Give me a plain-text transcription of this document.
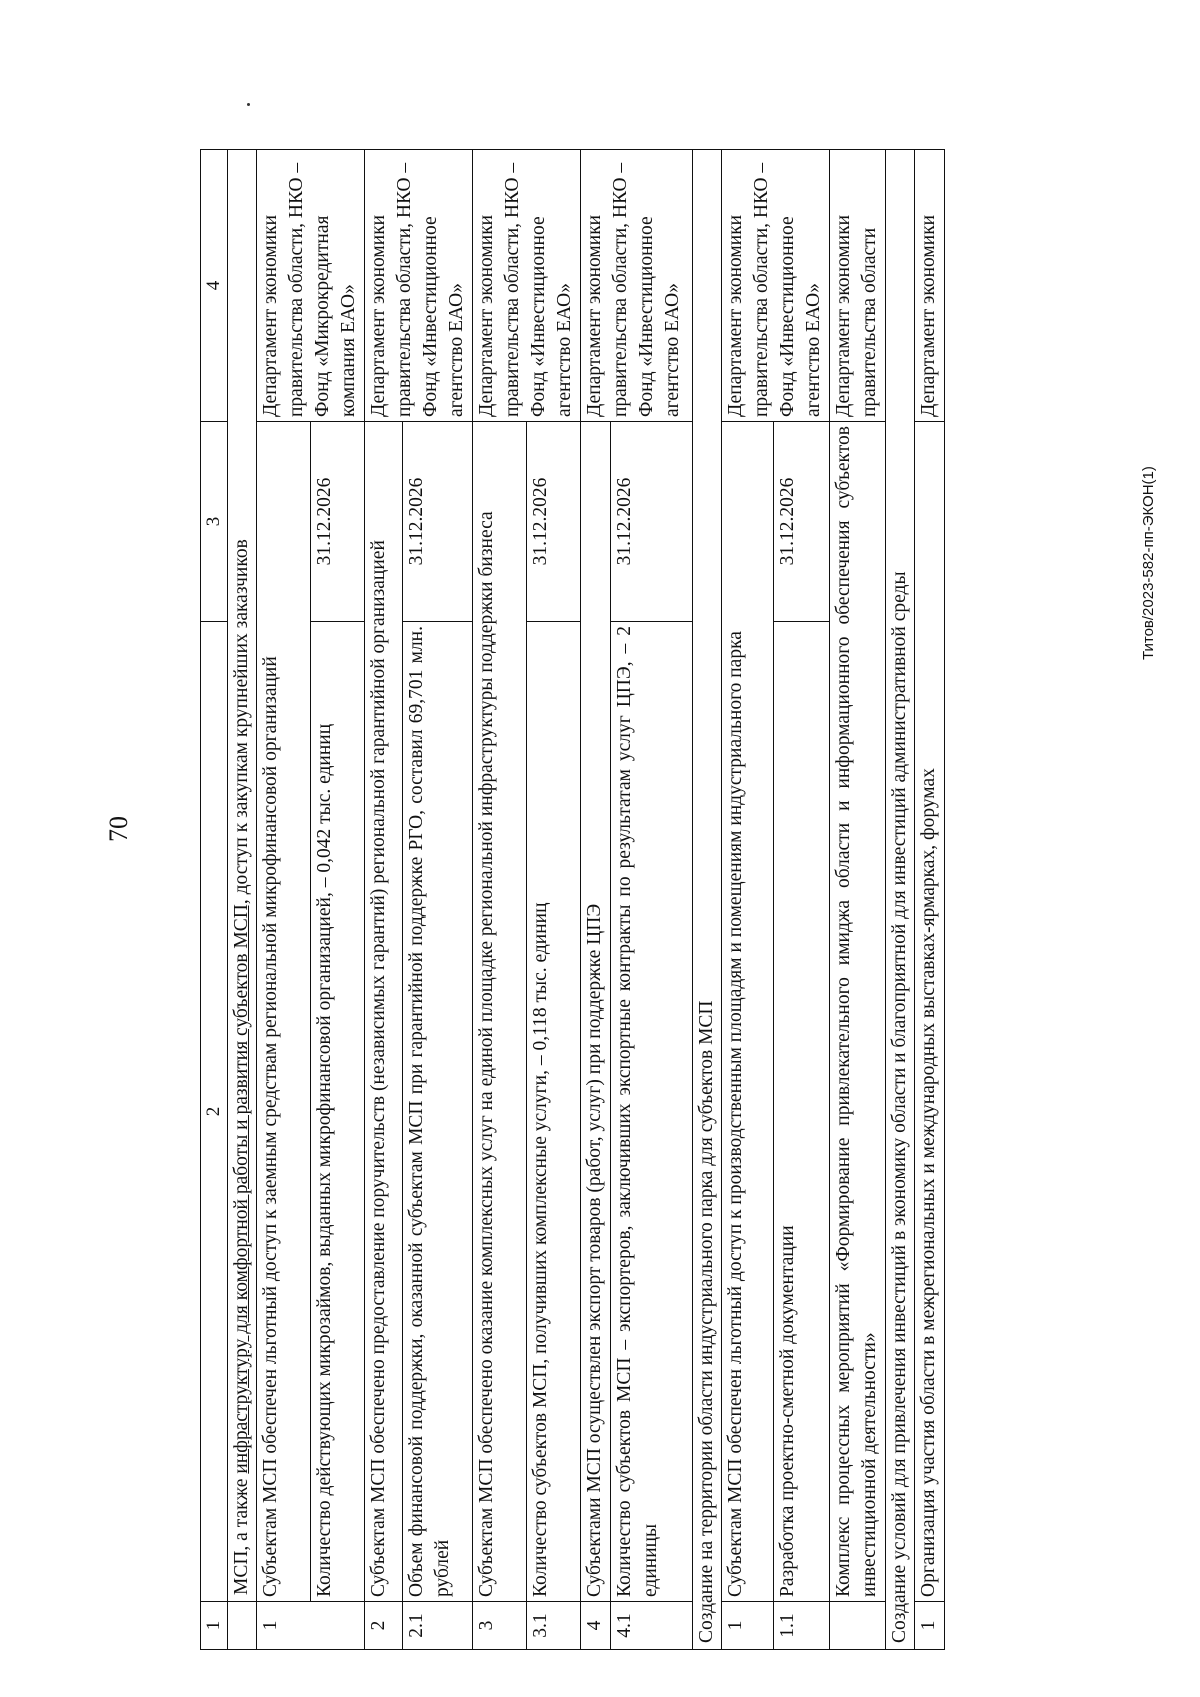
70
Титов/2023-582-пп-ЭКОН(1)
1	2	3	4
	МСП, а также инфраструктуру для комфортной работы и развития субъектов МСП, доступ к закупкам крупнейших заказчиков		
1	Субъектам МСП обеспечен льготный доступ к заемным средствам региональной микрофинансовой организаций		Департамент экономики правительства области, НКО – Фонд «Микрокредитная компания ЕАО»
	Количество действующих микрозаймов, выданных микрофинансовой организацией, – 0,042 тыс. единиц	31.12.2026	
2	Субъектам МСП обеспечено предоставление поручительств (независимых гарантий) региональной гарантийной организацией		Департамент экономики правительства области, НКО – Фонд «Инвестиционное агентство ЕАО»
2.1	Объем финансовой поддержки, оказанной субъектам МСП при гарантийной поддержке РГО, составил 69,701 млн. рублей	31.12.2026	
3	Субъектам МСП обеспечено оказание комплексных услуг на единой площадке региональной инфраструктуры поддержки бизнеса		Департамент экономики правительства области, НКО – Фонд «Инвестиционное агентство ЕАО»
3.1	Количество субъектов МСП, получивших комплексные услуги, – 0,118 тыс. единиц	31.12.2026	
4	Субъектами МСП осуществлен экспорт товаров (работ, услуг) при поддержке ЦПЭ		Департамент экономики правительства области, НКО – Фонд «Инвестиционное агентство ЕАО»
4.1	Количество субъектов МСП – экспортеров, заключивших экспортные контракты по результатам услуг ЦПЭ, – 2 единицы	31.12.2026	
Создание на территории области индустриального парка для субъектов МСП			
1	Субъектам МСП обеспечен льготный доступ к производственным площадям и помещениям индустриального парка		Департамент экономики правительства области, НКО – Фонд «Инвестиционное агентство ЕАО»
1.1	Разработка проектно-сметной документации	31.12.2026	
	Комплекс процессных мероприятий «Формирование привлекательного имиджа области и информационного обеспечения субъектов инвестиционной деятельности»		Департамент экономики правительства области
Создание условий для привлечения инвестиций в экономику области и благоприятной для инвестиций административной среды			
1	Организация участия области в межрегиональных и международных выставках-ярмарках, форумах		Департамент экономики
